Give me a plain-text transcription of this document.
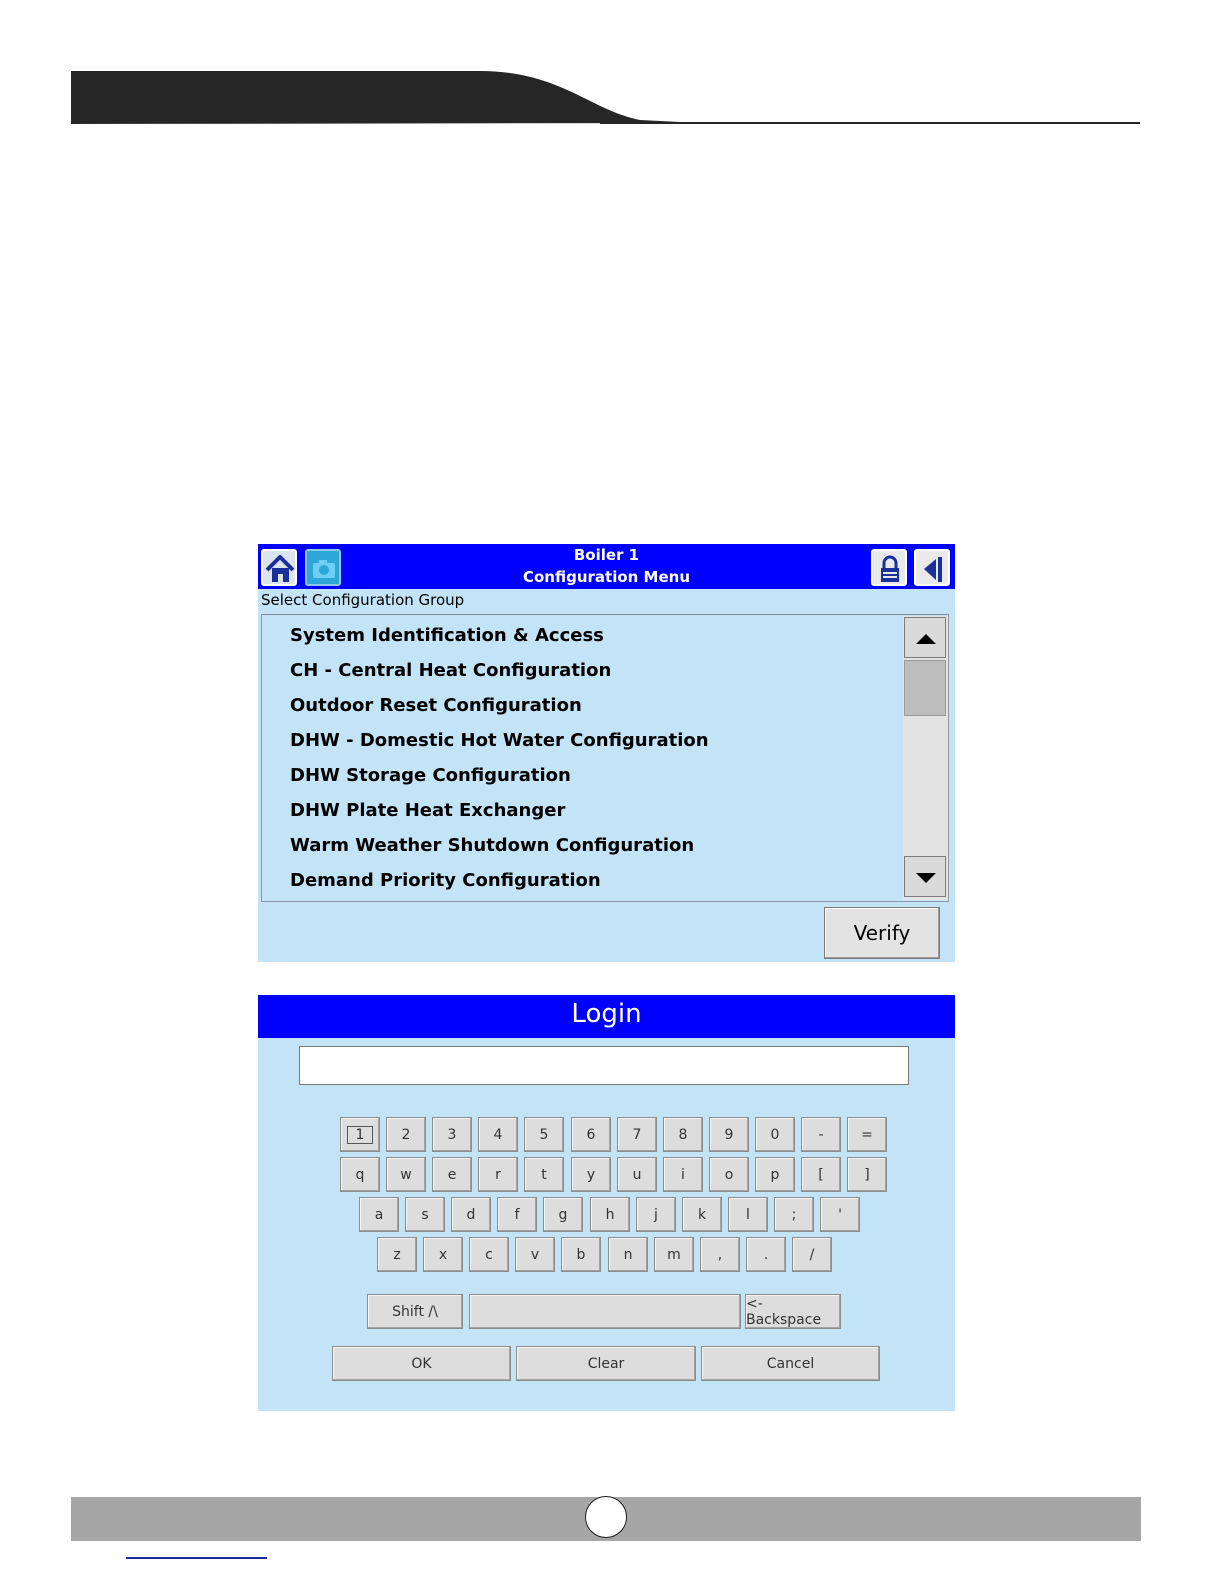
Boiler 1
Configuration Menu
Select Configuration Group
System Identification & Access
CH - Central Heat Configuration
Outdoor Reset Configuration
DHW - Domestic Hot Water Configuration
DHW Storage Configuration
DHW Plate Heat Exchanger
Warm Weather Shutdown Configuration
Demand Priority Configuration
Verify
Login
1	2	3	4	5	6	7	8	9	0	-	=
q	w	e	r	t	y	u	i	o	p	[	]
a	s	d	f	g	h	j	k	l	;	'
z	x	c	v	b	n m	,	.	/
Shift /\	<- Backspace
OK	Clear	Cancel
